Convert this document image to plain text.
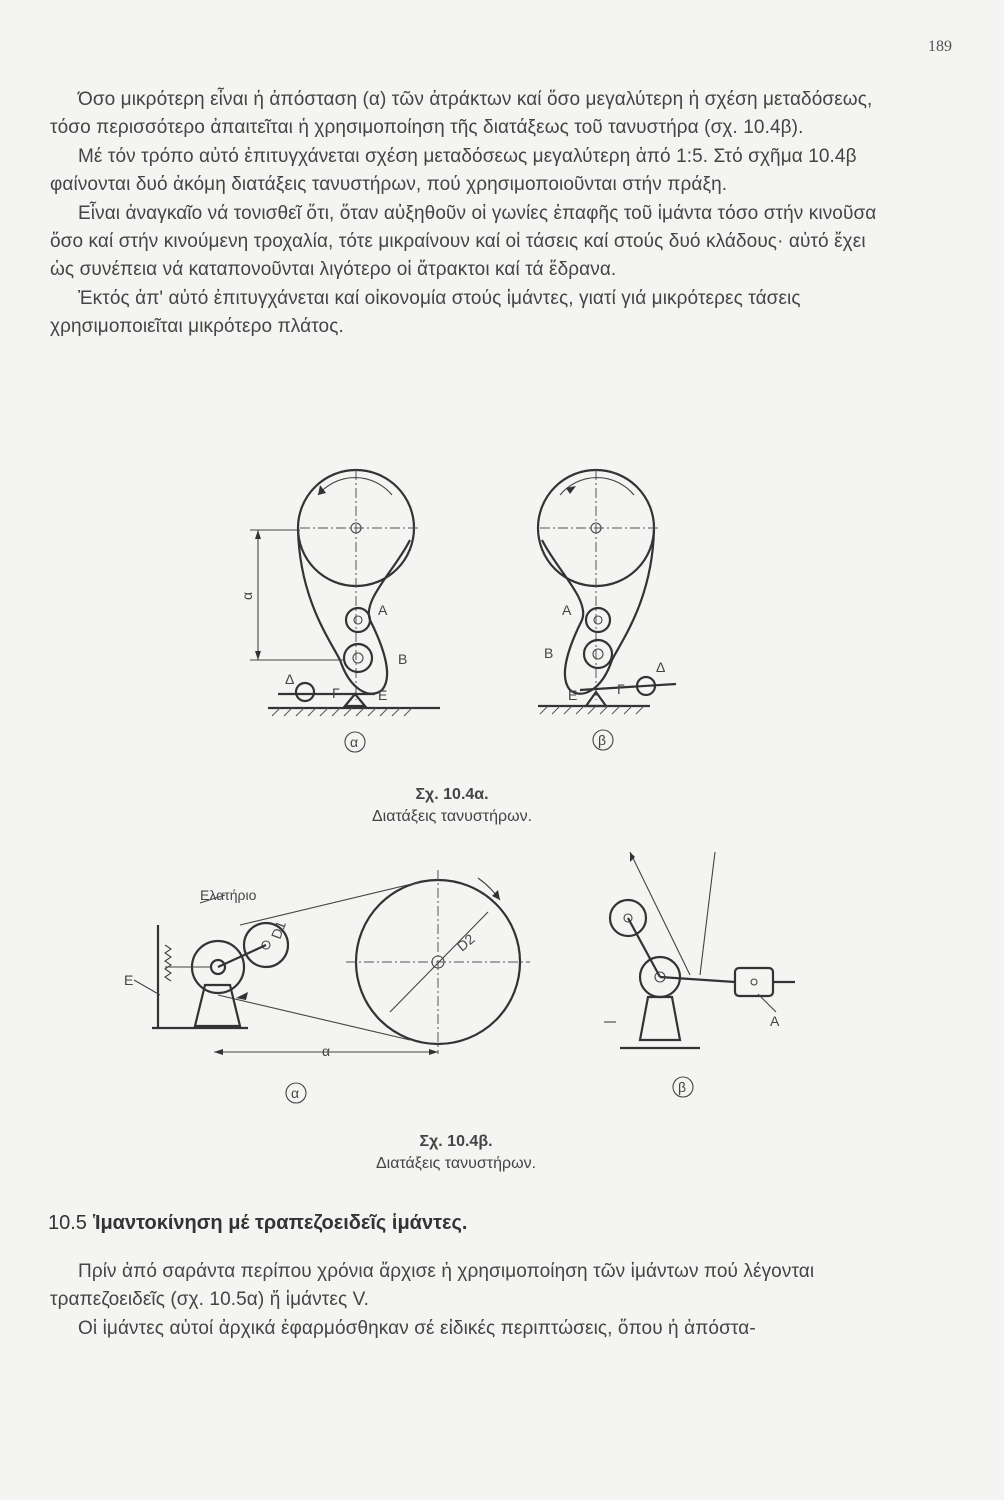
189

Όσο μικρότερη εἶναι ἡ ἀπόσταση (α) τῶν ἀτράκτων καί ὅσο μεγαλύτερη ἡ σχέση μεταδόσεως, τόσο περισσότερο ἀπαιτεῖται ἡ χρησιμοποίηση τῆς διατάξεως τοῦ τανυστήρα (σχ. 10.4β).

Μέ τόν τρόπο αὐτό ἐπιτυγχάνεται σχέση μεταδόσεως μεγαλύτερη ἀπό 1:5. Στό σχῆμα 10.4β φαίνονται δυό ἀκόμη διατάξεις τανυστήρων, πού χρησιμοποιοῦνται στήν πράξη.

Εἶναι ἀναγκαῖο νά τονισθεῖ ὅτι, ὅταν αὐξηθοῦν οἱ γωνίες ἐπαφῆς τοῦ ἱμάντα τόσο στήν κινοῦσα ὅσο καί στήν κινούμενη τροχαλία, τότε μικραίνουν καί οἱ τάσεις καί στούς δυό κλάδους· αὐτό ἔχει ὡς συνέπεια νά καταπονοῦνται λιγότερο οἱ ἄτρακτοι καί τά ἕδρανα.

Ἐκτός ἀπ' αὐτό ἐπιτυγχάνεται καί οἰκονομία στούς ἱμάντες, γιατί γιά μικρότερες τάσεις χρησιμοποιεῖται μικρότερο πλάτος.

α
A
B
Δ
Γ	E
α
A
B
Δ
Γ
E
β
D2
D1
Ελατήριο
E
α
α
A
β
Σχ. 10.4α.
Διατάξεις τανυστήρων.
Σχ. 10.4β.
Διατάξεις τανυστήρων.
10.5 Ἱμαντοκίνηση μέ τραπεζοειδεῖς ἱμάντες.

Πρίν ἀπό σαράντα περίπου χρόνια ἄρχισε ἡ χρησιμοποίηση τῶν ἱμάντων πού λέγονται τραπεζοειδεῖς (σχ. 10.5α) ἤ ἱμάντες V.

Οἱ ἱμάντες αὐτοί ἀρχικά ἐφαρμόσθηκαν σέ εἰδικές περιπτώσεις, ὅπου ἡ ἀπόστα-
